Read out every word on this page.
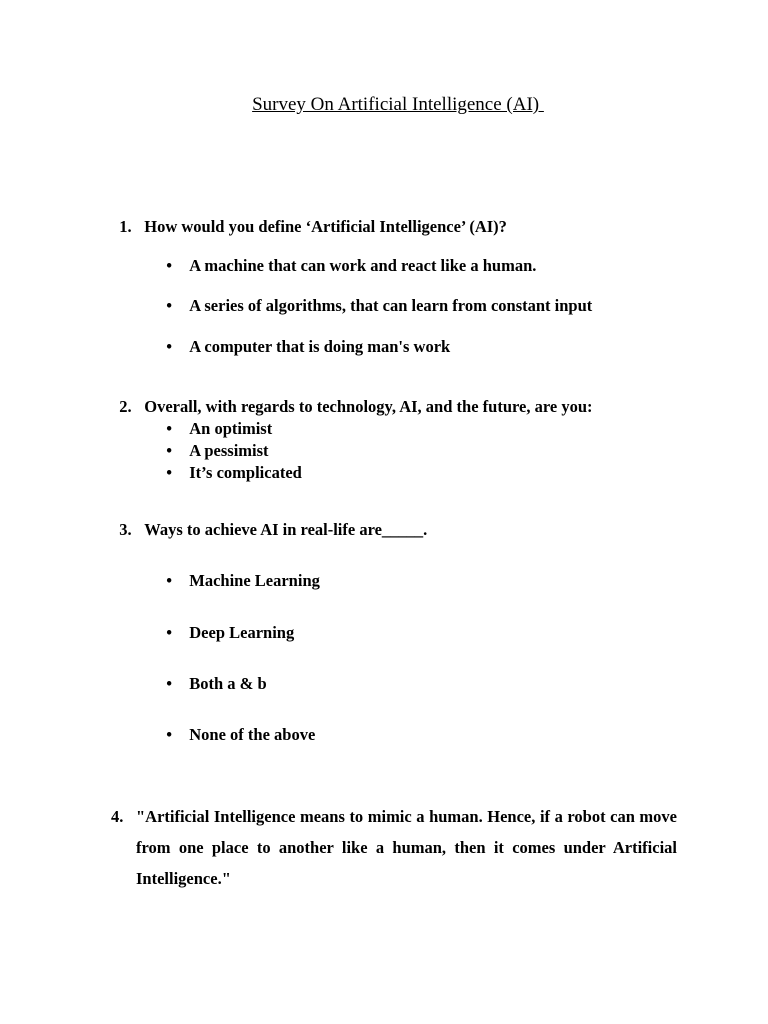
Survey On Artificial Intelligence (AI)

1. How would you define ‘Artificial Intelligence’ (AI)?

• A machine that can work and react like a human.

• A series of algorithms, that can learn from constant input

• A computer that is doing man's work

2. Overall, with regards to technology, AI, and the future, are you:

• An optimist

• A pessimist

• It’s complicated

3. Ways to achieve AI in real-life are_____.

• Machine Learning

• Deep Learning

• Both a & b

• None of the above

4. "Artificial Intelligence means to mimic a human. Hence, if a robot can move from one place to another like a human, then it comes under Artificial Intelligence."
